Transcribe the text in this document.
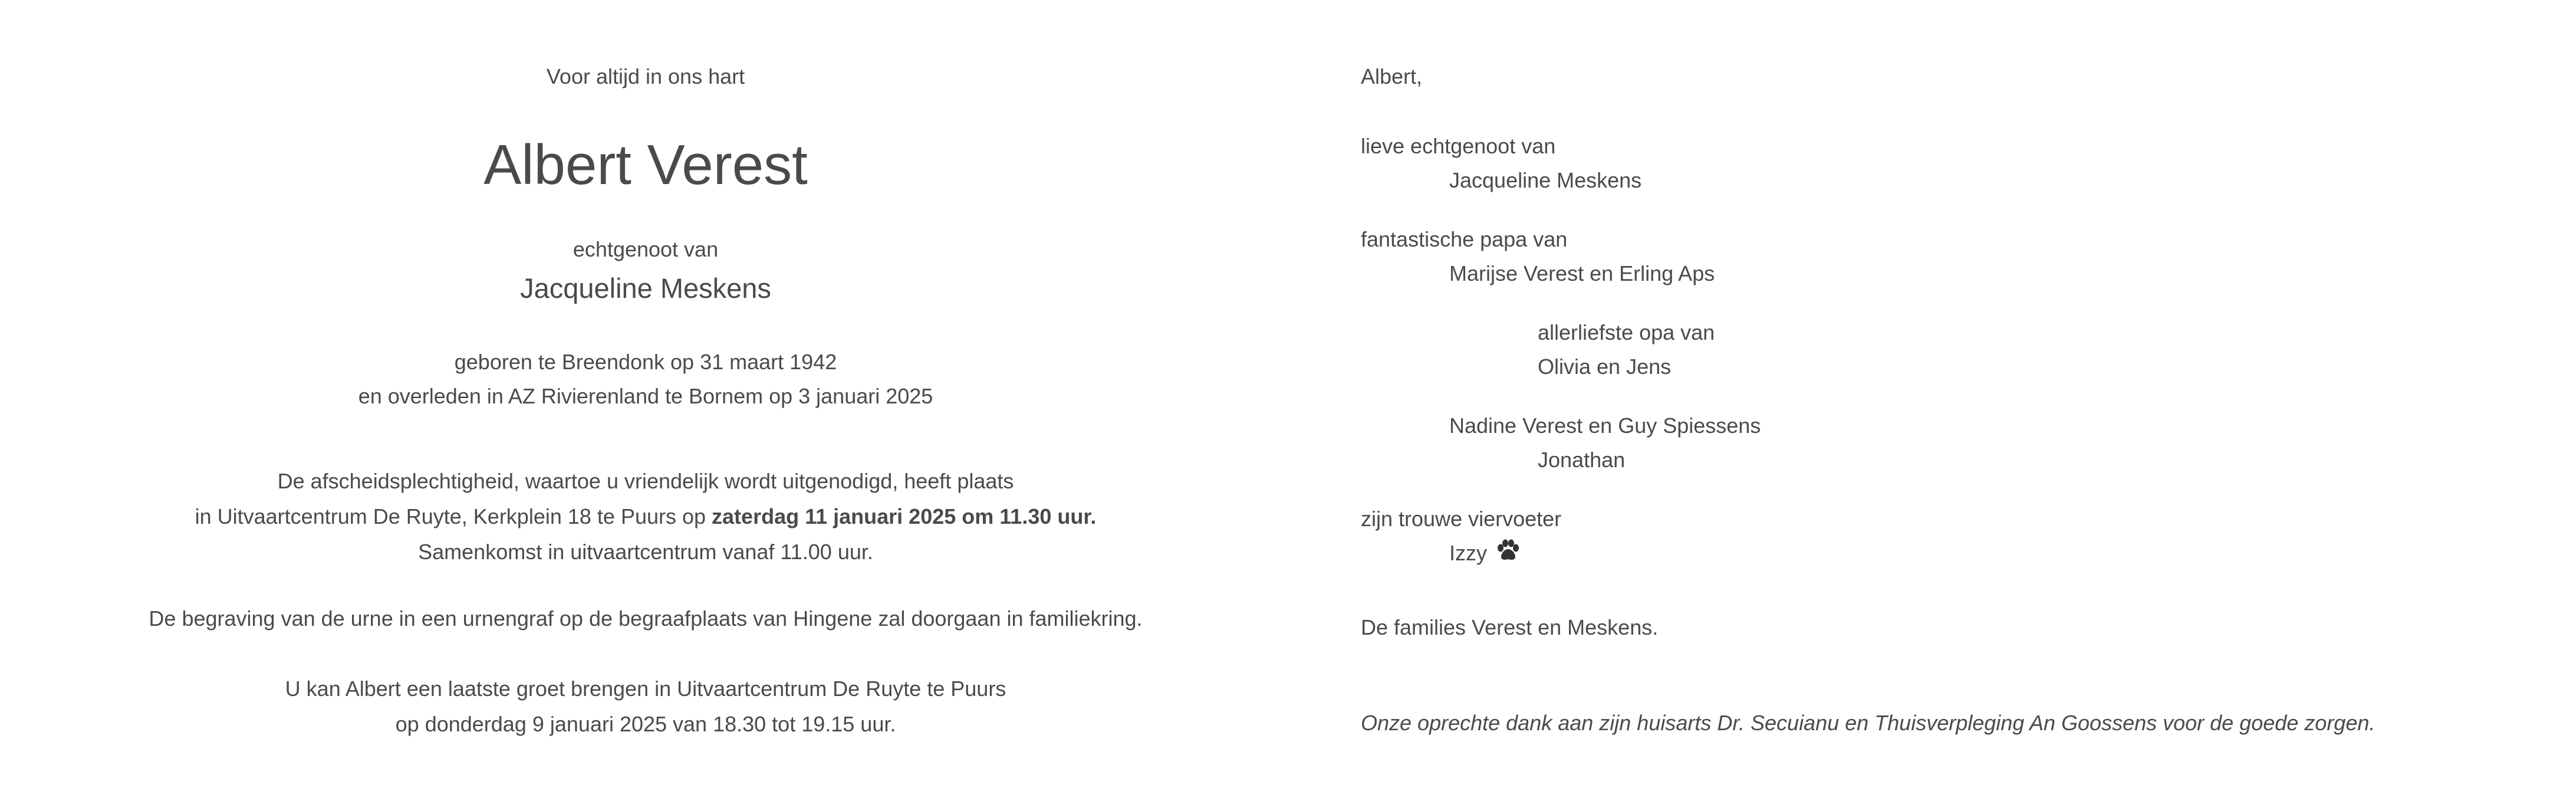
Voor altijd in ons hart
Albert Verest
echtgenoot van
Jacqueline Meskens
geboren te Breendonk op 31 maart 1942
en overleden in AZ Rivierenland te Bornem op 3 januari 2025
De afscheidsplechtigheid, waartoe u vriendelijk wordt uitgenodigd, heeft plaats
in Uitvaartcentrum De Ruyte, Kerkplein 18 te Puurs op zaterdag 11 januari 2025 om 11.30 uur.
Samenkomst in uitvaartcentrum vanaf 11.00 uur.
De begraving van de urne in een urnengraf op de begraafplaats van Hingene zal doorgaan in familiekring.
U kan Albert een laatste groet brengen in Uitvaartcentrum De Ruyte te Puurs
op donderdag 9 januari 2025 van 18.30 tot 19.15 uur.
Albert,
lieve echtgenoot van
Jacqueline Meskens
fantastische papa van
Marijse Verest en Erling Aps
allerliefste opa van
Olivia en Jens
Nadine Verest en Guy Spiessens
Jonathan
zijn trouwe viervoeter
Izzy
De families Verest en Meskens.
Onze oprechte dank aan zijn huisarts Dr. Secuianu en Thuisverpleging An Goossens voor de goede zorgen.
